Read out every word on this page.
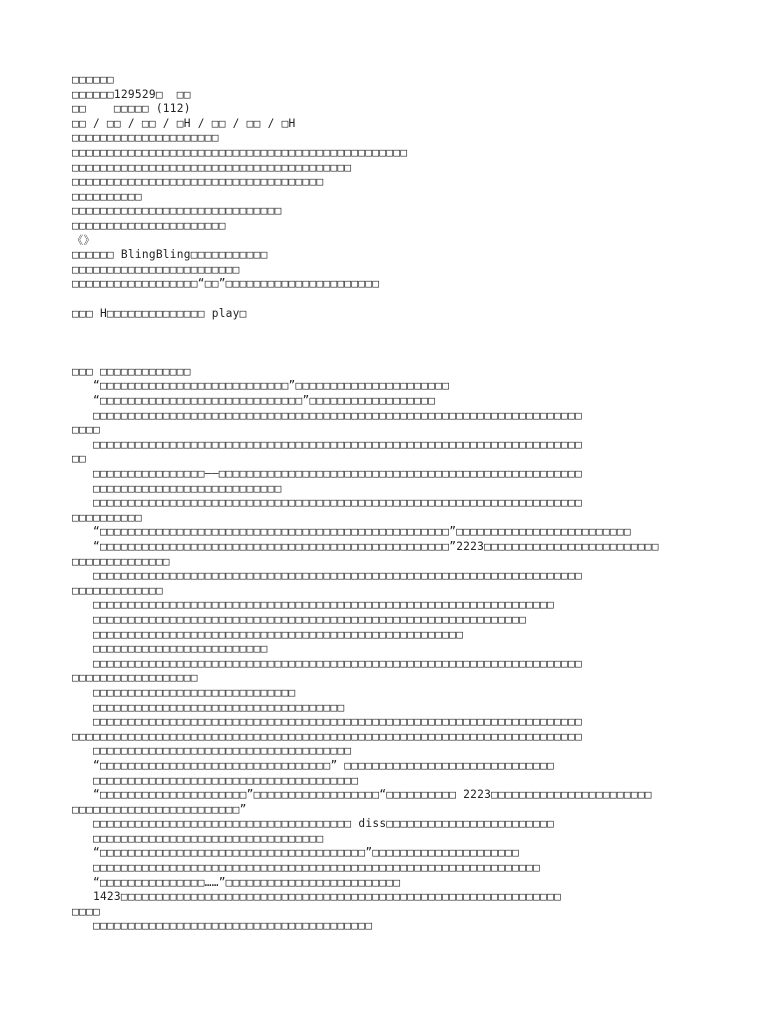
□□□□□□
□□□□□□129529□  □□
□□    □□□□□ (112)
□□ / □□ / □□ / □H / □□ / □□ / □H
□□□□□□□□□□□□□□□□□□□□□
□□□□□□□□□□□□□□□□□□□□□□□□□□□□□□□□□□□□□□□□□□□□□□□□
□□□□□□□□□□□□□□□□□□□□□□□□□□□□□□□□□□□□□□□□
□□□□□□□□□□□□□□□□□□□□□□□□□□□□□□□□□□□□
□□□□□□□□□□
□□□□□□□□□□□□□□□□□□□□□□□□□□□□□□
□□□□□□□□□□□□□□□□□□□□□□
《》
□□□□□□ BlingBling□□□□□□□□□□□
□□□□□□□□□□□□□□□□□□□□□□□□
□□□□□□□□□□□□□□□□□□“□□”□□□□□□□□□□□□□□□□□□□□□□
□□□ H□□□□□□□□□□□□□□ play□
□□□ □□□□□□□□□□□□□
“□□□□□□□□□□□□□□□□□□□□□□□□□□□”□□□□□□□□□□□□□□□□□□□□□□
“□□□□□□□□□□□□□□□□□□□□□□□□□□□□□”□□□□□□□□□□□□□□□□□□
□□□□□□□□□□□□□□□□□□□□□□□□□□□□□□□□□□□□□□□□□□□□□□□□□□□□□□□□□□□□□□□□□□□□□□
□□□□
□□□□□□□□□□□□□□□□□□□□□□□□□□□□□□□□□□□□□□□□□□□□□□□□□□□□□□□□□□□□□□□□□□□□□□
□□
□□□□□□□□□□□□□□□□——□□□□□□□□□□□□□□□□□□□□□□□□□□□□□□□□□□□□□□□□□□□□□□□□□□□□
□□□□□□□□□□□□□□□□□□□□□□□□□□□
□□□□□□□□□□□□□□□□□□□□□□□□□□□□□□□□□□□□□□□□□□□□□□□□□□□□□□□□□□□□□□□□□□□□□□
□□□□□□□□□□
“□□□□□□□□□□□□□□□□□□□□□□□□□□□□□□□□□□□□□□□□□□□□□□□□□□”□□□□□□□□□□□□□□□□□□□□□□□□□
“□□□□□□□□□□□□□□□□□□□□□□□□□□□□□□□□□□□□□□□□□□□□□□□□□□”2223□□□□□□□□□□□□□□□□□□□□□□□□□
□□□□□□□□□□□□□□
□□□□□□□□□□□□□□□□□□□□□□□□□□□□□□□□□□□□□□□□□□□□□□□□□□□□□□□□□□□□□□□□□□□□□□
□□□□□□□□□□□□□
□□□□□□□□□□□□□□□□□□□□□□□□□□□□□□□□□□□□□□□□□□□□□□□□□□□□□□□□□□□□□□□□□□
□□□□□□□□□□□□□□□□□□□□□□□□□□□□□□□□□□□□□□□□□□□□□□□□□□□□□□□□□□□□□□
□□□□□□□□□□□□□□□□□□□□□□□□□□□□□□□□□□□□□□□□□□□□□□□□□□□□□
□□□□□□□□□□□□□□□□□□□□□□□□□
□□□□□□□□□□□□□□□□□□□□□□□□□□□□□□□□□□□□□□□□□□□□□□□□□□□□□□□□□□□□□□□□□□□□□□
□□□□□□□□□□□□□□□□□□
□□□□□□□□□□□□□□□□□□□□□□□□□□□□□
□□□□□□□□□□□□□□□□□□□□□□□□□□□□□□□□□□□□
□□□□□□□□□□□□□□□□□□□□□□□□□□□□□□□□□□□□□□□□□□□□□□□□□□□□□□□□□□□□□□□□□□□□□□
□□□□□□□□□□□□□□□□□□□□□□□□□□□□□□□□□□□□□□□□□□□□□□□□□□□□□□□□□□□□□□□□□□□□□□□□□
□□□□□□□□□□□□□□□□□□□□□□□□□□□□□□□□□□□□□
“□□□□□□□□□□□□□□□□□□□□□□□□□□□□□□□□□” □□□□□□□□□□□□□□□□□□□□□□□□□□□□□□
□□□□□□□□□□□□□□□□□□□□□□□□□□□□□□□□□□□□□□
“□□□□□□□□□□□□□□□□□□□□□”□□□□□□□□□□□□□□□□□□“□□□□□□□□□□ 2223□□□□□□□□□□□□□□□□□□□□□□□
□□□□□□□□□□□□□□□□□□□□□□□□”
□□□□□□□□□□□□□□□□□□□□□□□□□□□□□□□□□□□□□ diss□□□□□□□□□□□□□□□□□□□□□□□□
□□□□□□□□□□□□□□□□□□□□□□□□□□□□□□□□□
“□□□□□□□□□□□□□□□□□□□□□□□□□□□□□□□□□□□□□□”□□□□□□□□□□□□□□□□□□□□□
□□□□□□□□□□□□□□□□□□□□□□□□□□□□□□□□□□□□□□□□□□□□□□□□□□□□□□□□□□□□□□□□
“□□□□□□□□□□□□□□□……”□□□□□□□□□□□□□□□□□□□□□□□□□
1423□□□□□□□□□□□□□□□□□□□□□□□□□□□□□□□□□□□□□□□□□□□□□□□□□□□□□□□□□□□□□□□
□□□□
□□□□□□□□□□□□□□□□□□□□□□□□□□□□□□□□□□□□□□□□
